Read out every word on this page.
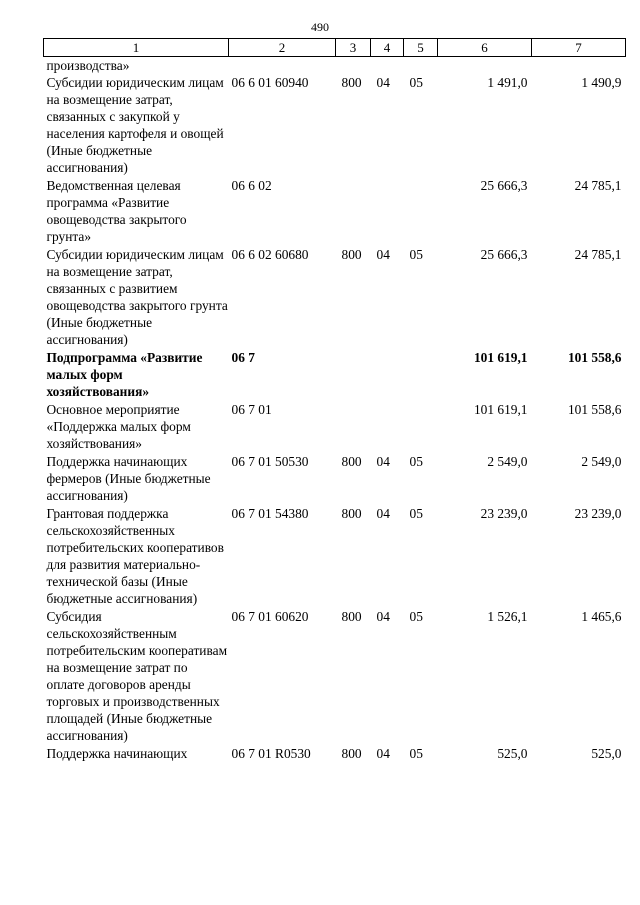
490
1	2	3	4	5	6	7
производства»						
Субсидии юридическим лицам на возмещение затрат, связанных с закупкой у населения картофеля и овощей (Иные бюджетные ассигнования)	06 6 01 60940	800	04	05	1 491,0	1 490,9
Ведомственная целевая программа «Развитие овощеводства закрытого грунта»	06 6 02				25 666,3	24 785,1
Субсидии юридическим лицам на возмещение затрат, связанных с развитием овощеводства закрытого грунта (Иные бюджетные ассигнования)	06 6 02 60680	800	04	05	25 666,3	24 785,1
Подпрограмма «Развитие малых форм хозяйствования»	06 7				101 619,1	101 558,6
Основное мероприятие «Поддержка малых форм хозяйствования»	06 7 01				101 619,1	101 558,6
Поддержка начинающих фермеров (Иные бюджетные ассигнования)	06 7 01 50530	800	04	05	2 549,0	2 549,0
Грантовая поддержка сельскохозяйственных потребительских кооперативов для развития материально-технической базы (Иные бюджетные ассигнования)	06 7 01 54380	800	04	05	23 239,0	23 239,0
Субсидия сельскохозяйственным потребительским кооперативам на возмещение затрат по оплате договоров аренды торговых и производственных площадей (Иные бюджетные ассигнования)	06 7 01 60620	800	04	05	1 526,1	1 465,6
Поддержка начинающих	06 7 01 R0530	800	04	05	525,0	525,0
